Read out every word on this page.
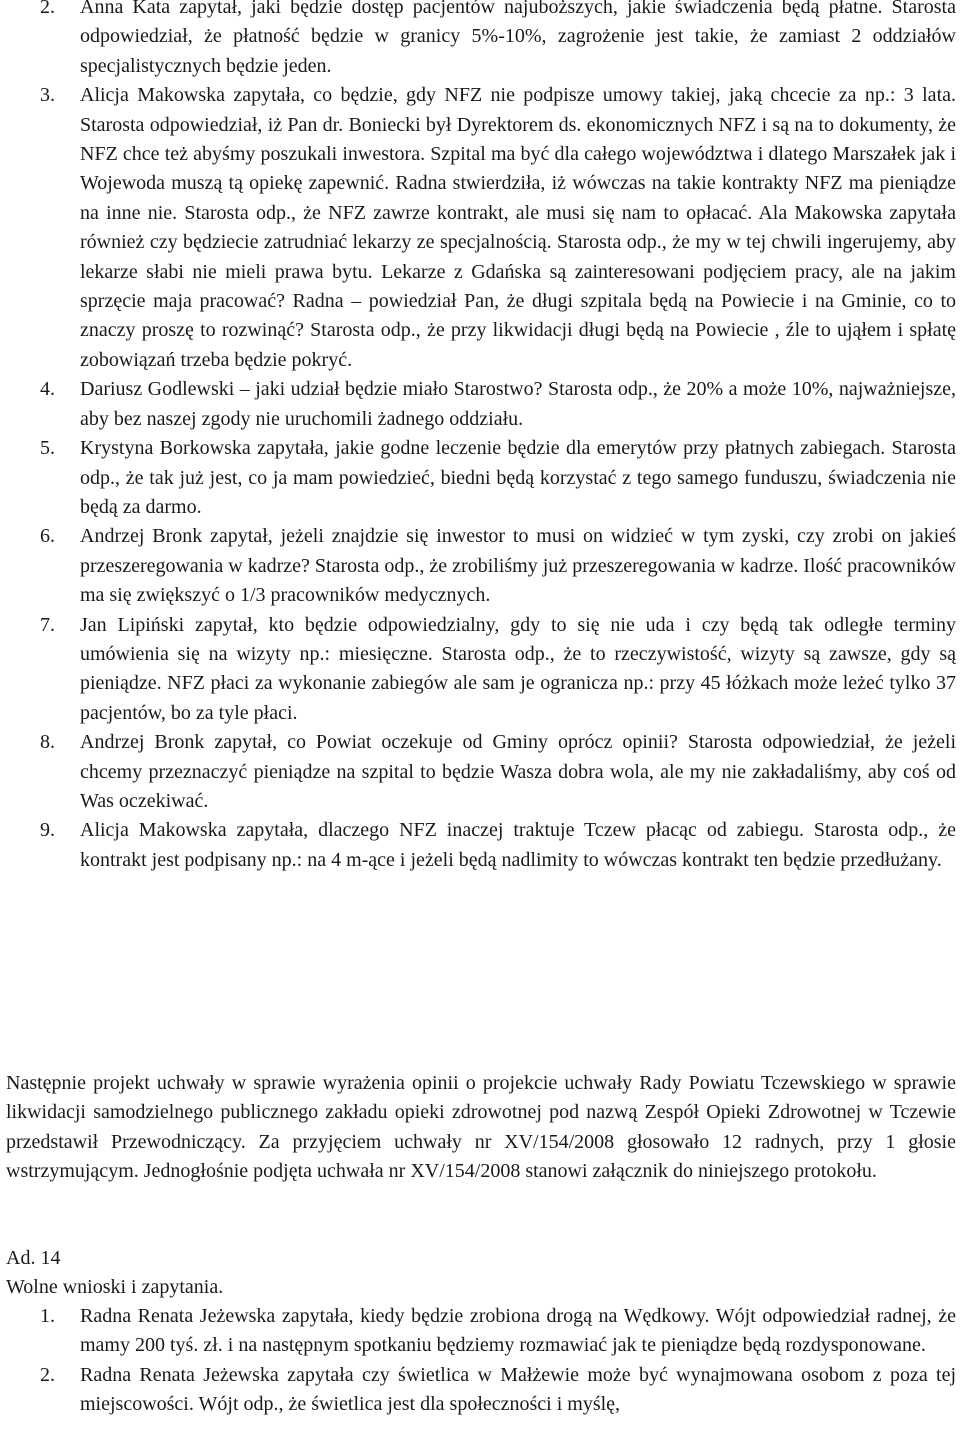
2. Anna Kata zapytał, jaki będzie dostęp pacjentów najuboższych, jakie świadczenia będą płatne. Starosta odpowiedział, że płatność będzie w granicy 5%-10%, zagrożenie jest takie, że zamiast 2 oddziałów specjalistycznych będzie jeden.
3. Alicja Makowska zapytała, co będzie, gdy NFZ nie podpisze umowy takiej, jaką chcecie za np.: 3 lata. Starosta odpowiedział, iż Pan dr. Boniecki był Dyrektorem ds. ekonomicznych NFZ i są na to dokumenty, że NFZ chce też abyśmy poszukali inwestora. Szpital ma być dla całego województwa i dlatego Marszałek jak i Wojewoda muszą tą opiekę zapewnić. Radna stwierdziła, iż wówczas na takie kontrakty NFZ ma pieniądze na inne nie. Starosta odp., że NFZ zawrze kontrakt, ale musi się nam to opłacać. Ala Makowska zapytała również czy będziecie zatrudniać lekarzy ze specjalnością. Starosta odp., że my w tej chwili ingerujemy, aby lekarze słabi nie mieli prawa bytu. Lekarze z Gdańska są zainteresowani podjęciem pracy, ale na jakim sprzęcie maja pracować? Radna – powiedział Pan, że długi szpitala będą na Powiecie i na Gminie, co to znaczy proszę to rozwinąć? Starosta odp., że przy likwidacji długi będą na Powiecie , źle to ująłem i spłatę zobowiązań trzeba będzie pokryć.
4. Dariusz Godlewski – jaki udział będzie miało Starostwo? Starosta odp., że 20% a może 10%, najważniejsze, aby bez naszej zgody nie uruchomili żadnego oddziału.
5. Krystyna Borkowska zapytała, jakie godne leczenie będzie dla emerytów przy płatnych zabiegach. Starosta odp., że tak już jest, co ja mam powiedzieć, biedni będą korzystać z tego samego funduszu, świadczenia nie będą za darmo.
6. Andrzej Bronk zapytał, jeżeli znajdzie się inwestor to musi on widzieć w tym zyski, czy zrobi on jakieś przeszeregowania w kadrze? Starosta odp., że zrobiliśmy już przeszeregowania w kadrze. Ilość pracowników ma się zwiększyć o 1/3 pracowników medycznych.
7. Jan Lipiński zapytał, kto będzie odpowiedzialny, gdy to się nie uda i czy będą tak odległe terminy umówienia się na wizyty np.: miesięczne. Starosta odp., że to rzeczywistość, wizyty są zawsze, gdy są pieniądze. NFZ płaci za wykonanie zabiegów ale sam je ogranicza np.: przy 45 łóżkach może leżeć tylko 37 pacjentów, bo za tyle płaci.
8. Andrzej Bronk zapytał, co Powiat oczekuje od Gminy oprócz opinii? Starosta odpowiedział, że jeżeli chcemy przeznaczyć pieniądze na szpital to będzie Wasza dobra wola, ale my nie zakładaliśmy, aby coś od Was oczekiwać.
9. Alicja Makowska zapytała, dlaczego NFZ inaczej traktuje Tczew płacąc od zabiegu. Starosta odp., że kontrakt jest podpisany np.: na 4 m-ące i jeżeli będą nadlimity to wówczas kontrakt ten będzie przedłużany.
Następnie projekt uchwały w sprawie wyrażenia opinii o projekcie uchwały Rady Powiatu Tczewskiego w sprawie likwidacji samodzielnego publicznego zakładu opieki zdrowotnej pod nazwą Zespół Opieki Zdrowotnej w Tczewie przedstawił Przewodniczący. Za przyjęciem uchwały nr XV/154/2008 głosowało 12 radnych, przy 1 głosie wstrzymującym. Jednogłośnie podjęta uchwała nr XV/154/2008 stanowi załącznik do niniejszego protokołu.
Ad. 14
Wolne wnioski i zapytania.
1. Radna Renata Jeżewska zapytała, kiedy będzie zrobiona drogą na Wędkowy. Wójt odpowiedział radnej, że mamy 200 tyś. zł. i na następnym spotkaniu będziemy rozmawiać jak te pieniądze będą rozdysponowane.
2. Radna Renata Jeżewska zapytała czy świetlica w Małżewie może być wynajmowana osobom z poza tej miejscowości. Wójt odp., że świetlica jest dla społeczności i myślę,
